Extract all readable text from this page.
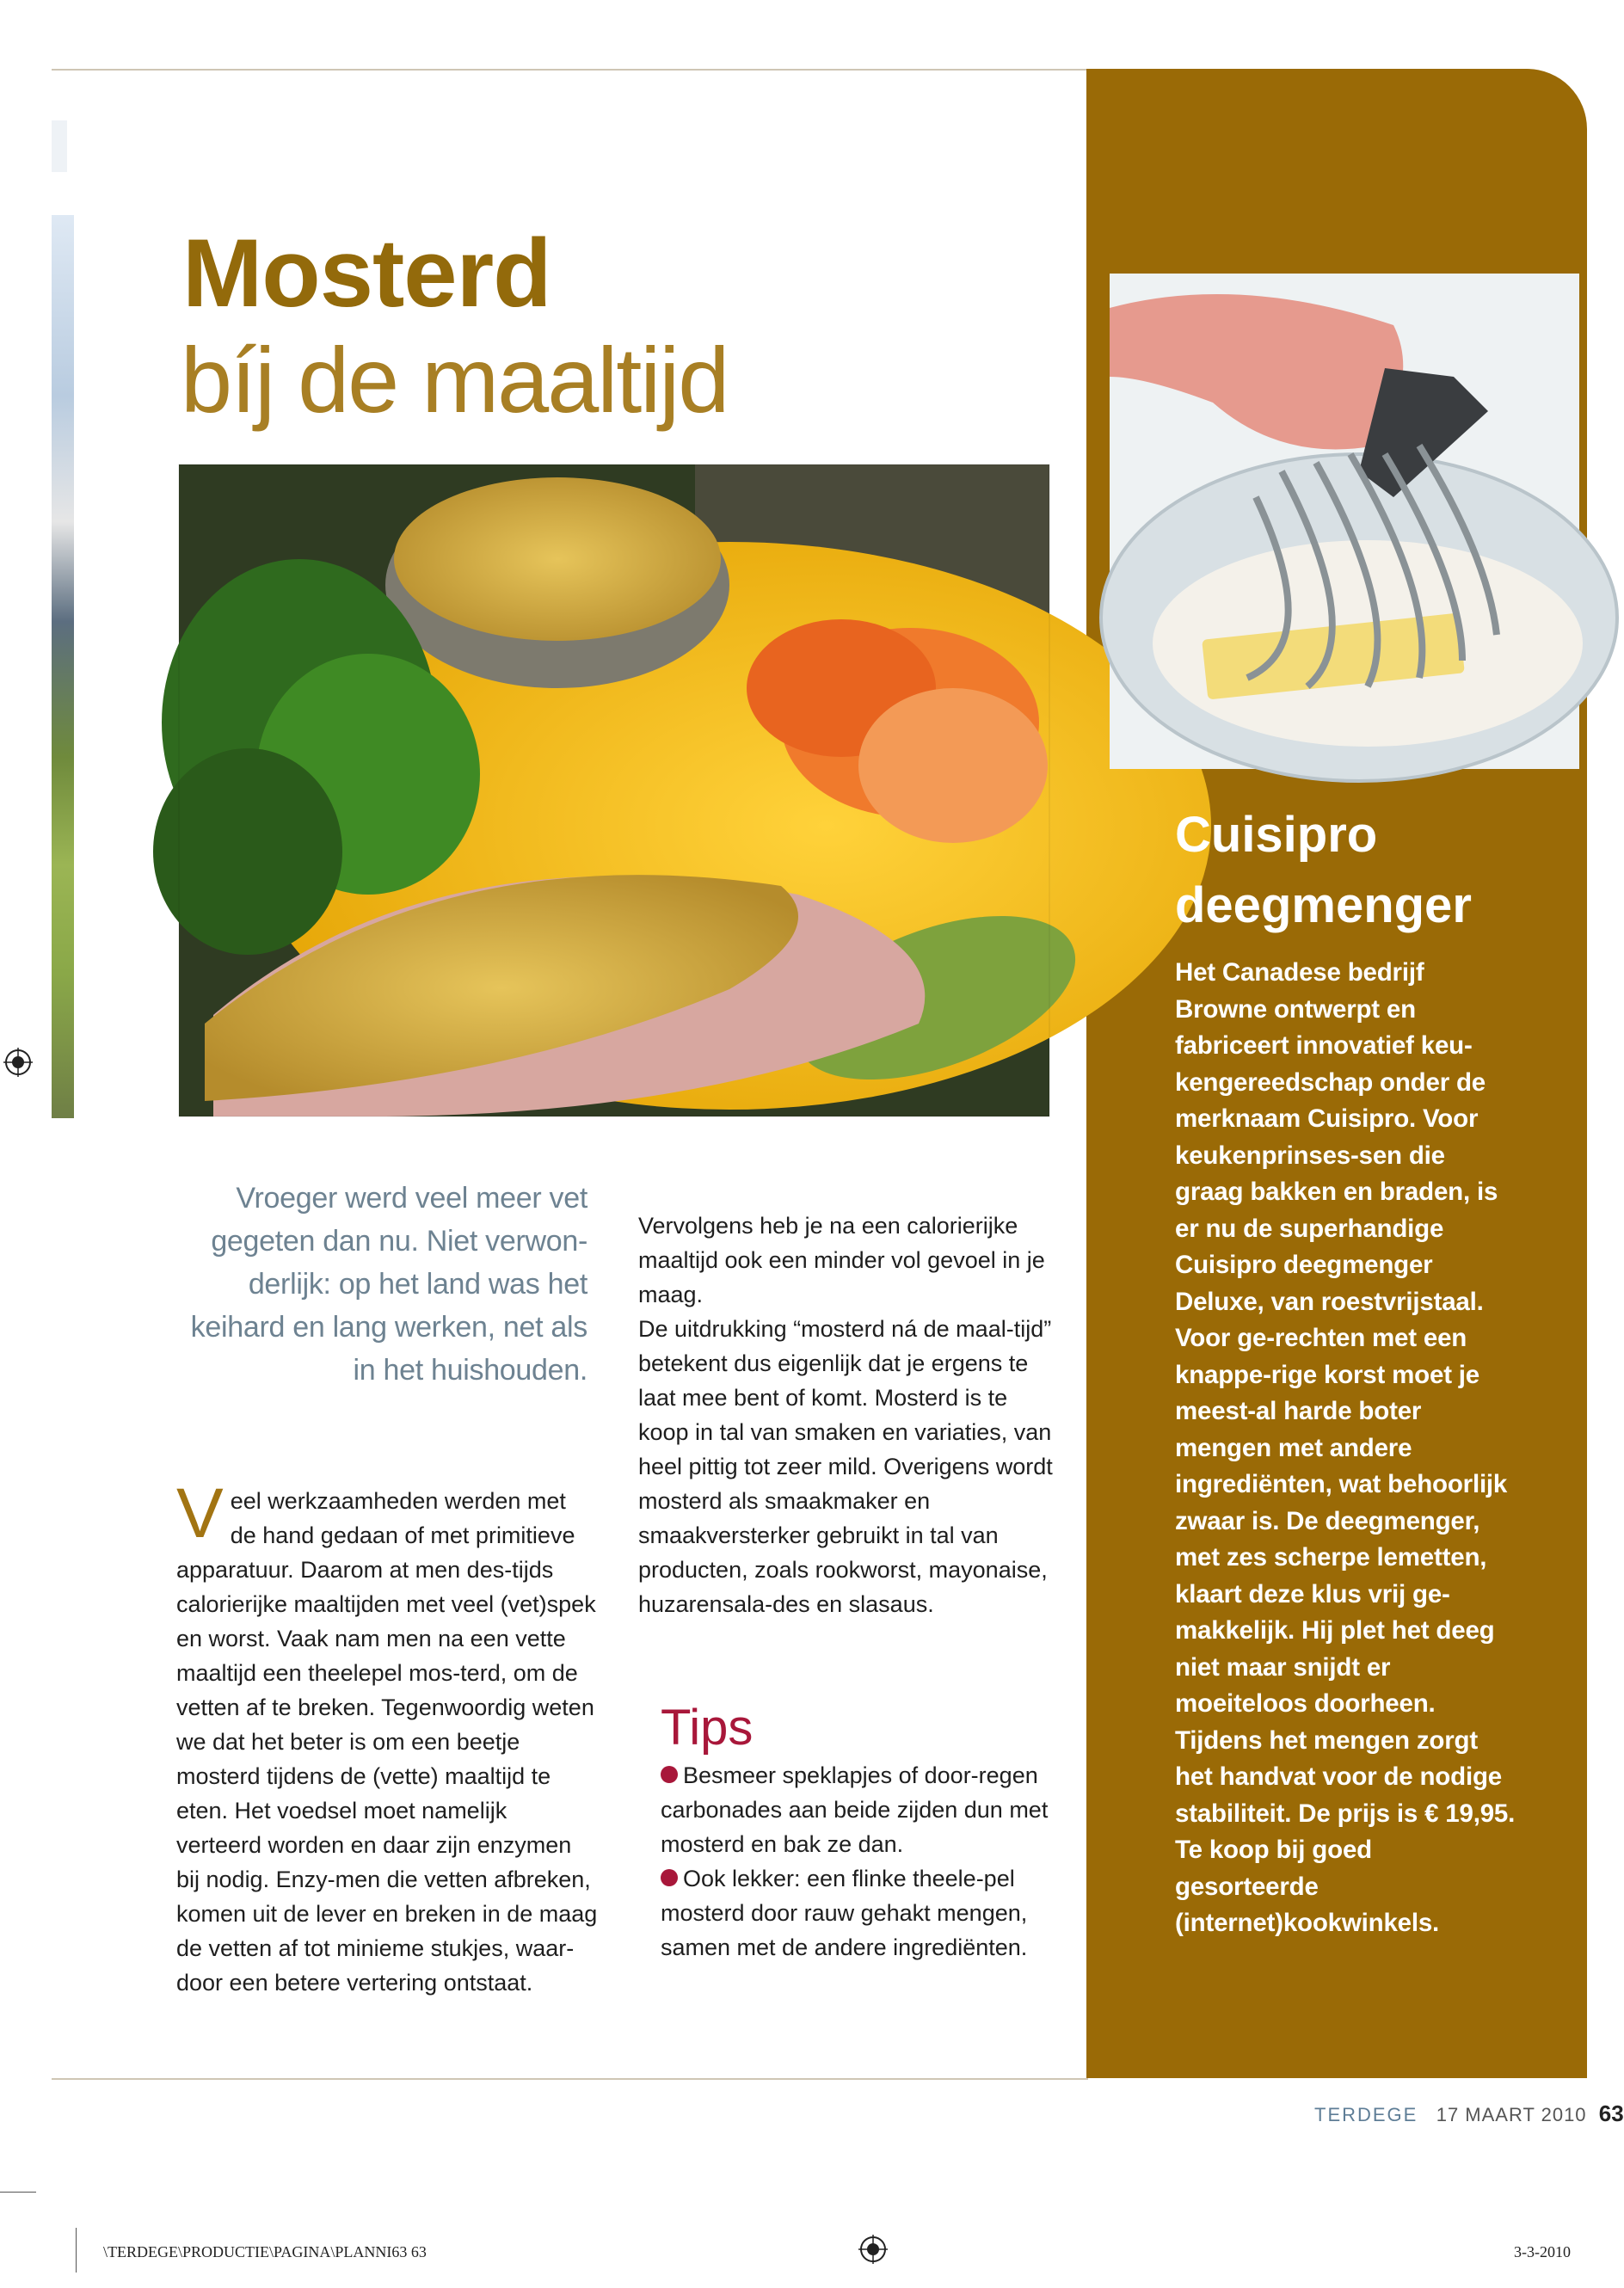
Mosterd
bíj de maaltijd
Vroeger werd veel meer vet gegeten dan nu. Niet verwon-derlijk: op het land was het keihard en lang werken, net als in het huishouden.
Veel werkzaamheden werden met de hand gedaan of met primitieve apparatuur. Daarom at men des-tijds calorierijke maaltijden met veel (vet)spek en worst. Vaak nam men na een vette maaltijd een theelepel mos-terd, om de vetten af te breken. Tegenwoordig weten we dat het beter is om een beetje mosterd tijdens de (vette) maaltijd te eten. Het voedsel moet namelijk verteerd worden en daar zijn enzymen bij nodig. Enzy-men die vetten afbreken, komen uit de lever en breken in de maag de vetten af tot minieme stukjes, waar-door een betere vertering ontstaat.

Vervolgens heb je na een calorierijke maaltijd ook een minder vol gevoel in je maag.
De uitdrukking “mosterd ná de maal-tijd” betekent dus eigenlijk dat je ergens te laat mee bent of komt. Mosterd is te koop in tal van smaken en variaties, van heel pittig tot zeer mild. Overigens wordt mosterd als smaakmaker en smaakversterker gebruikt in tal van producten, zoals rookworst, mayonaise, huzarensala-des en slasaus.

Tips
Besmeer speklapjes of door-regen carbonades aan beide zijden dun met mosterd en bak ze dan.
Ook lekker: een flinke theele-pel mosterd door rauw gehakt mengen, samen met de andere ingrediënten.
Cuisipro deegmenger
Het Canadese bedrijf Browne ontwerpt en fabriceert innovatief keu-kengereedschap onder de merknaam Cuisipro. Voor keukenprinses-sen die graag bakken en braden, is er nu de superhandige Cuisipro deegmenger Deluxe, van roestvrijstaal. Voor ge-rechten met een knappe-rige korst moet je meest-al harde boter mengen met andere ingrediënten, wat behoorlijk zwaar is. De deegmenger, met zes scherpe lemetten, klaart deze klus vrij ge-makkelijk. Hij plet het deeg niet maar snijdt er moeiteloos doorheen. Tijdens het mengen zorgt het handvat voor de nodige stabiliteit. De prijs is € 19,95. Te koop bij goed gesorteerde (internet)kookwinkels.
TERDEGE 17 MAART 2010 63
\TERDEGE\PRODUCTIE\PAGINA\PLANNI63 63	3-3-2010
